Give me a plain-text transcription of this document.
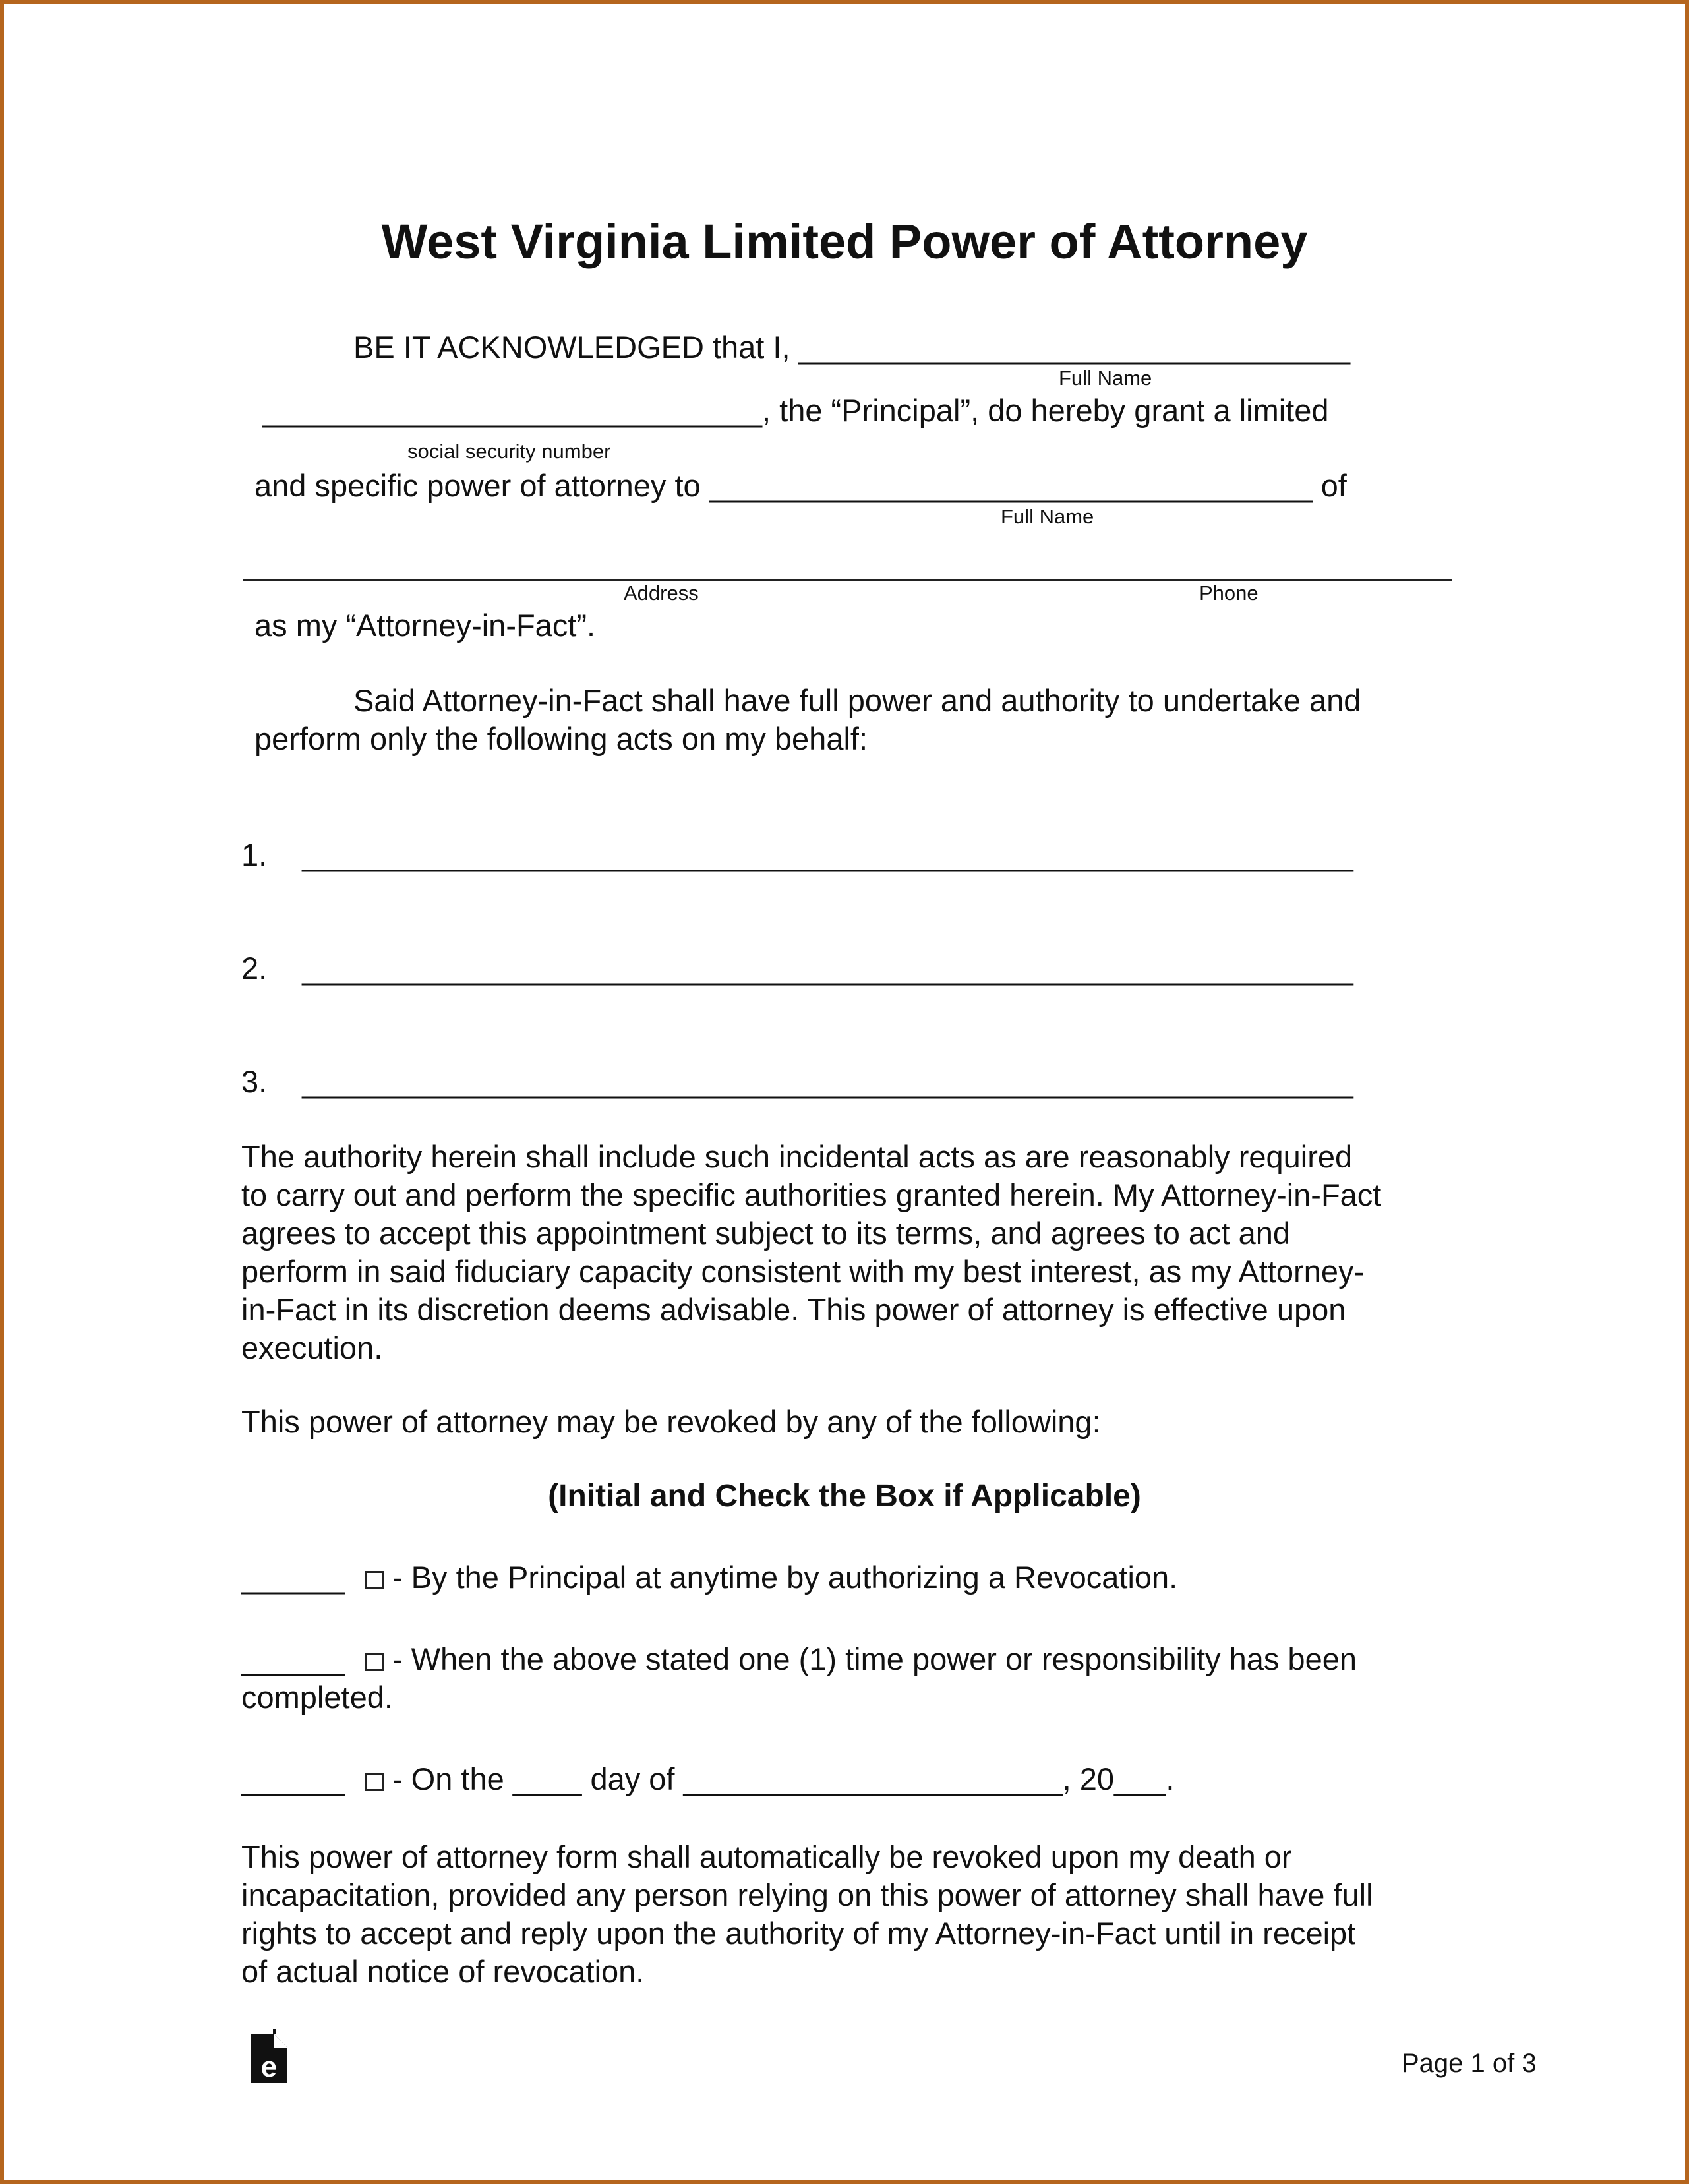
West Virginia Limited Power of Attorney
BE IT ACKNOWLEDGED that I, ________________________________
Full Name
_____________________________, the “Principal”, do hereby grant a limited
social security number
and specific power of attorney to ___________________________________ of
Full Name
Address	Phone
as my “Attorney-in-Fact”.
Said Attorney-in-Fact shall have full power and authority to undertake and
perform only the following acts on my behalf:
1. _____________________________________________________________
2. _____________________________________________________________
3. _____________________________________________________________
The authority herein shall include such incidental acts as are reasonably required
to carry out and perform the specific authorities granted herein. My Attorney-in-Fact
agrees to accept this appointment subject to its terms, and agrees to act and
perform in said fiduciary capacity consistent with my best interest, as my Attorney-
in-Fact in its discretion deems advisable. This power of attorney is effective upon
execution.
This power of attorney may be revoked by any of the following:
(Initial and Check the Box if Applicable)
______ - By the Principal at anytime by authorizing a Revocation.
______ - When the above stated one (1) time power or responsibility has been
completed.
______ - On the ____ day of ______________________, 20___.
This power of attorney form shall automatically be revoked upon my death or
incapacitation, provided any person relying on this power of attorney shall have full
rights to accept and reply upon the authority of my Attorney-in-Fact until in receipt
of actual notice of revocation.
e	Page 1 of 3
